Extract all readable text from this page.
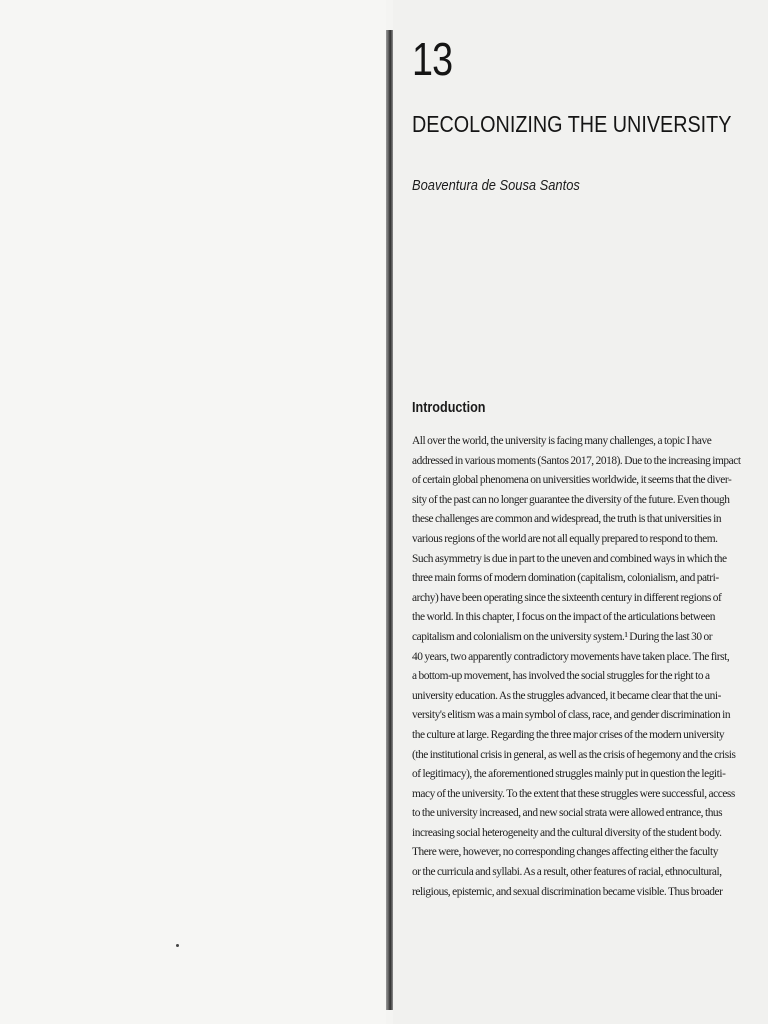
13
DECOLONIZING THE UNIVERSITY
Boaventura de Sousa Santos
Introduction
All over the world, the university is facing many challenges, a topic I have
addressed in various moments (Santos 2017, 2018). Due to the increasing impact
of certain global phenomena on universities worldwide, it seems that the diver-
sity of the past can no longer guarantee the diversity of the future. Even though
these challenges are common and widespread, the truth is that universities in
various regions of the world are not all equally prepared to respond to them.
Such asymmetry is due in part to the uneven and combined ways in which the
three main forms of modern domination (capitalism, colonialism, and patri-
archy) have been operating since the sixteenth century in different regions of
the world. In this chapter, I focus on the impact of the articulations between
capitalism and colonialism on the university system.¹ During the last 30 or
40 years, two apparently contradictory movements have taken place. The first,
a bottom-up movement, has involved the social struggles for the right to a
university education. As the struggles advanced, it became clear that the uni-
versity's elitism was a main symbol of class, race, and gender discrimination in
the culture at large. Regarding the three major crises of the modern university
(the institutional crisis in general, as well as the crisis of hegemony and the crisis
of legitimacy), the aforementioned struggles mainly put in question the legiti-
macy of the university. To the extent that these struggles were successful, access
to the university increased, and new social strata were allowed entrance, thus
increasing social heterogeneity and the cultural diversity of the student body.
There were, however, no corresponding changes affecting either the faculty
or the curricula and syllabi. As a result, other features of racial, ethnocultural,
religious, epistemic, and sexual discrimination became visible. Thus broader
